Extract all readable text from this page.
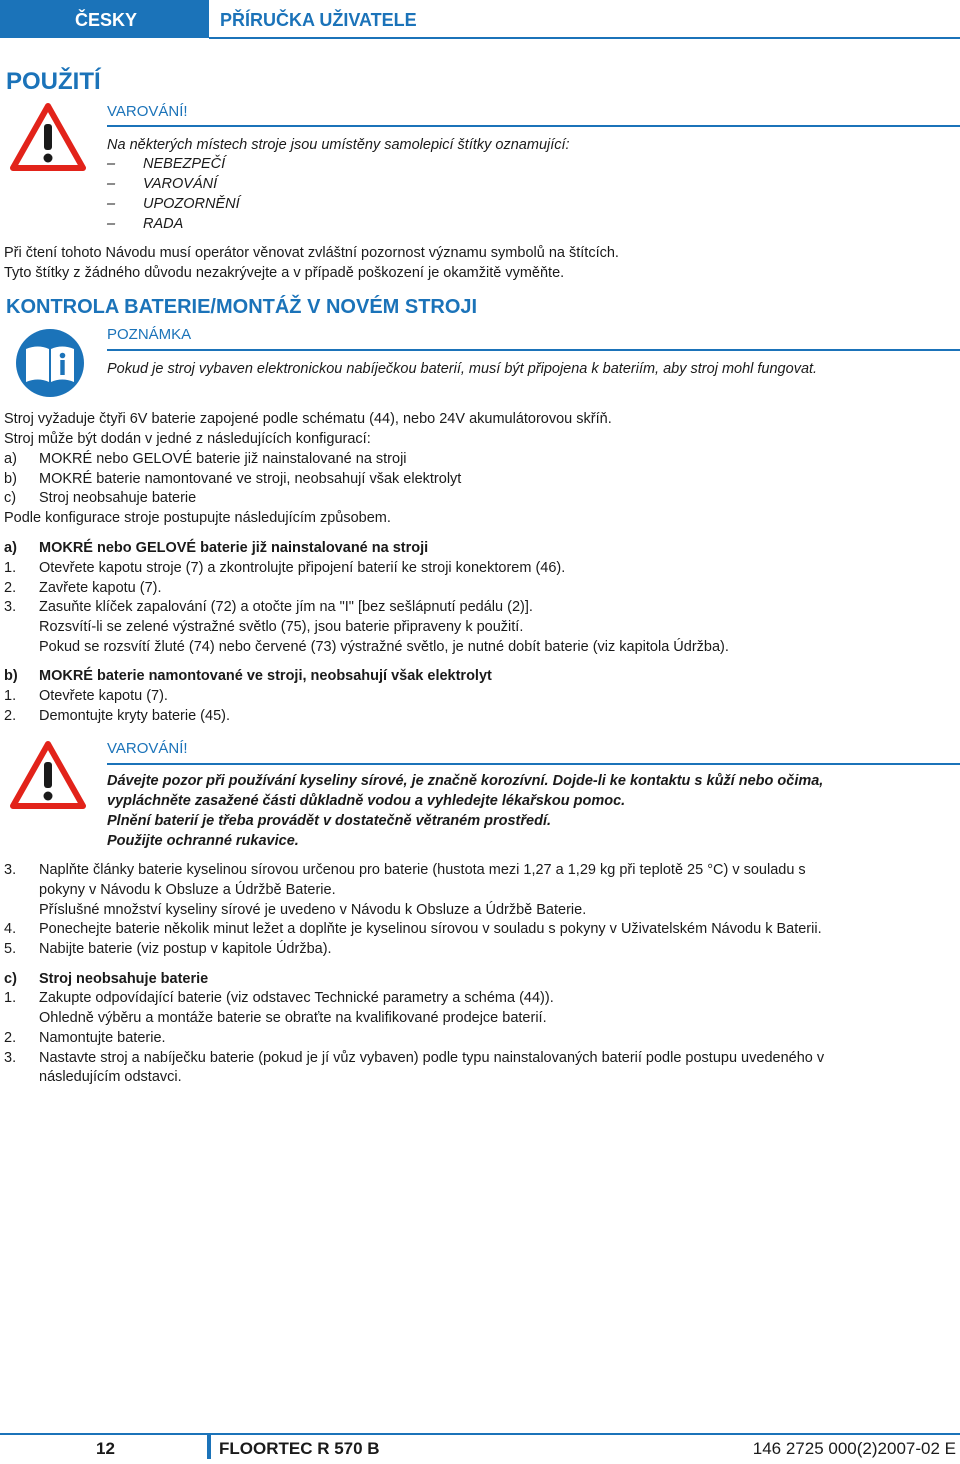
ČESKY	PŘÍRUČKA UŽIVATELE
POUŽITÍ
VAROVÁNÍ!
Na některých místech stroje jsou umístěny samolepicí štítky oznamující:
– NEBEZPEČÍ
– VAROVÁNÍ
– UPOZORNĚNÍ
– RADA
Při čtení tohoto Návodu musí operátor věnovat zvláštní pozornost významu symbolů na štítcích.
Tyto štítky z žádného důvodu nezakrývejte a v případě poškození je okamžitě vyměňte.
KONTROLA BATERIE/MONTÁŽ V NOVÉM STROJI
POZNÁMKA
Pokud je stroj vybaven elektronickou nabíječkou baterií, musí být připojena k bateriím, aby stroj mohl fungovat.
Stroj vyžaduje čtyři 6V baterie zapojené podle schématu (44), nebo 24V akumulátorovou skříň.
Stroj může být dodán v jedné z následujících konfigurací:
a) MOKRÉ nebo GELOVÉ baterie již nainstalované na stroji
b) MOKRÉ baterie namontované ve stroji, neobsahují však elektrolyt
c) Stroj neobsahuje baterie
Podle konfigurace stroje postupujte následujícím způsobem.
a) MOKRÉ nebo GELOVÉ baterie již nainstalované na stroji
1. Otevřete kapotu stroje (7) a zkontrolujte připojení baterií ke stroji konektorem (46).
2. Zavřete kapotu (7).
3. Zasuňte klíček zapalování (72) a otočte jím na "I" [bez sešlápnutí pedálu (2)].
Rozsvítí-li se zelené výstražné světlo (75), jsou baterie připraveny k použití.
Pokud se rozsvítí žluté (74) nebo červené (73) výstražné světlo, je nutné dobít baterie (viz kapitola Údržba).
b) MOKRÉ baterie namontované ve stroji, neobsahují však elektrolyt
1. Otevřete kapotu (7).
2. Demontujte kryty baterie (45).
VAROVÁNÍ!
Dávejte pozor při používání kyseliny sírové, je značně korozívní. Dojde-li ke kontaktu s kůží nebo očima,
vypláchněte zasažené části důkladně vodou a vyhledejte lékařskou pomoc.
Plnění baterií je třeba provádět v dostatečně větraném prostředí.
Použijte ochranné rukavice.
3. Naplňte články baterie kyselinou sírovou určenou pro baterie (hustota mezi 1,27 a 1,29 kg při teplotě 25 °C) v souladu s
pokyny v Návodu k Obsluze a Údržbě Baterie.
Příslušné množství kyseliny sírové je uvedeno v Návodu k Obsluze a Údržbě Baterie.
4. Ponechejte baterie několik minut ležet a doplňte je kyselinou sírovou v souladu s pokyny v Uživatelském Návodu k Baterii.
5. Nabijte baterie (viz postup v kapitole Údržba).
c) Stroj neobsahuje baterie
1. Zakupte odpovídající baterie (viz odstavec Technické parametry a schéma (44)).
Ohledně výběru a montáže baterie se obraťte na kvalifikované prodejce baterií.
2. Namontujte baterie.
3. Nastavte stroj a nabíječku baterie (pokud je jí vůz vybaven) podle typu nainstalovaných baterií podle postupu uvedeného v
následujícím odstavci.
12	FLOORTEC R 570 B	146 2725 000(2)2007-02 E
